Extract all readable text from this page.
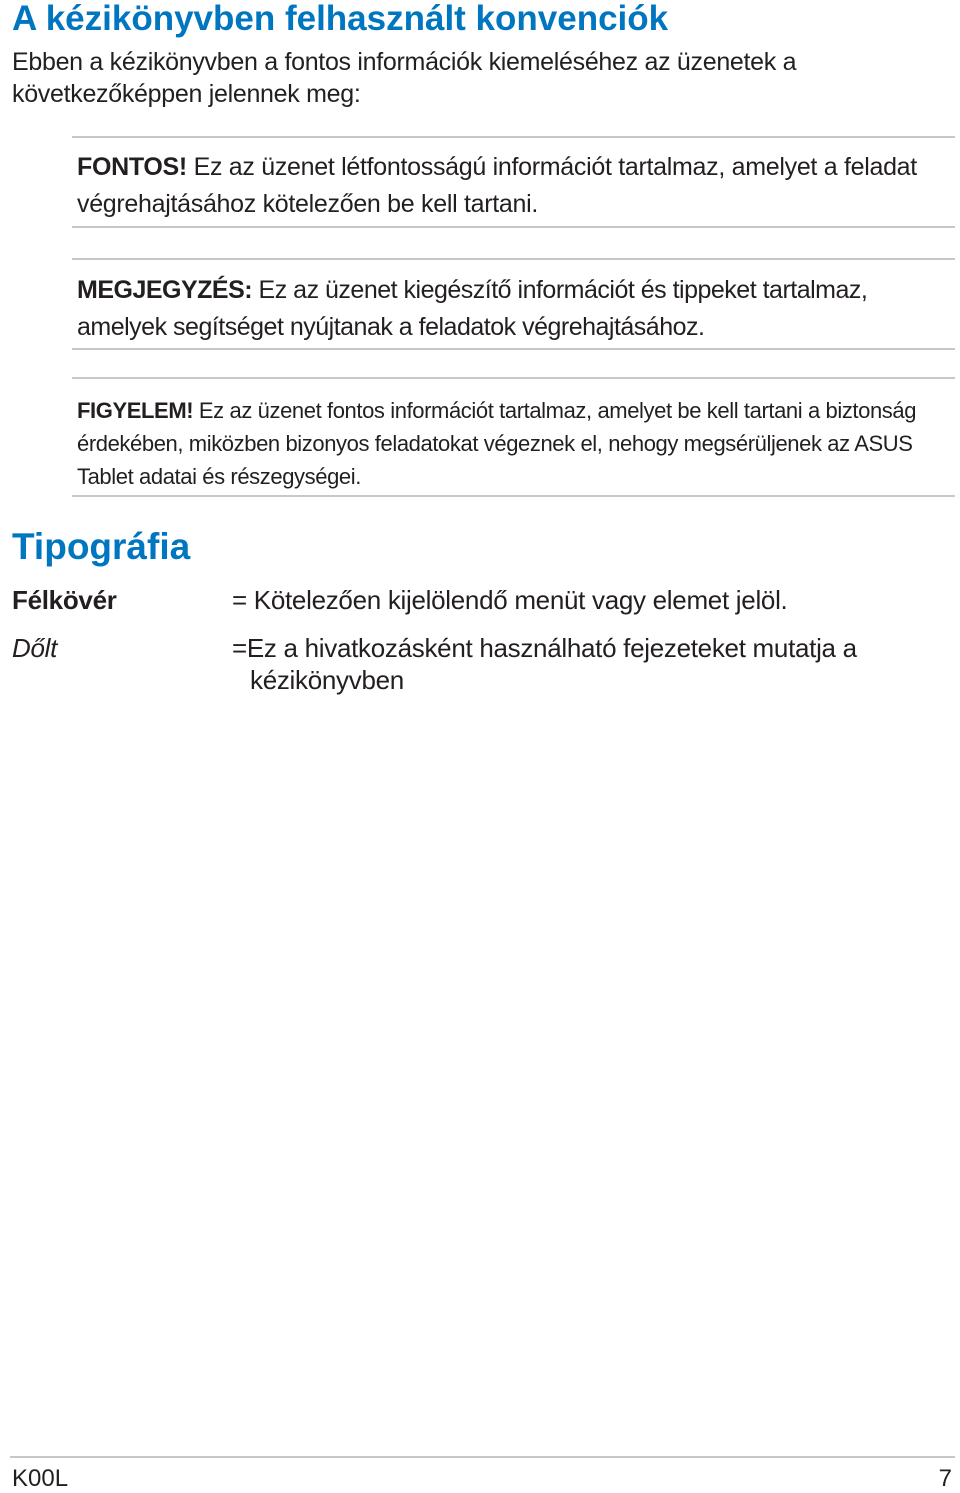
A kézikönyvben felhasznált konvenciók

Ebben a kézikönyvben a fontos információk kiemeléséhez az üzenetek a következőképpen jelennek meg:

FONTOS! Ez az üzenet létfontosságú információt tartalmaz, amelyet a feladat végrehajtásához kötelezően be kell tartani.

MEGJEGYZÉS: Ez az üzenet kiegészítő információt és tippeket tartalmaz, amelyek segítséget nyújtanak a feladatok végrehajtásához.

FIGYELEM! Ez az üzenet fontos információt tartalmaz, amelyet be kell tartani a biztonság érdekében, miközben bizonyos feladatokat végeznek el, nehogy megsérüljenek az ASUS Tablet adatai és részegységei.

Tipográfia
Félkövér	= Kötelezően kijelölendő menüt vagy elemet jelöl.
Dőlt	=Ez a hivatkozásként használható fejezeteket mutatja a
kézikönyvben
K00L	7
